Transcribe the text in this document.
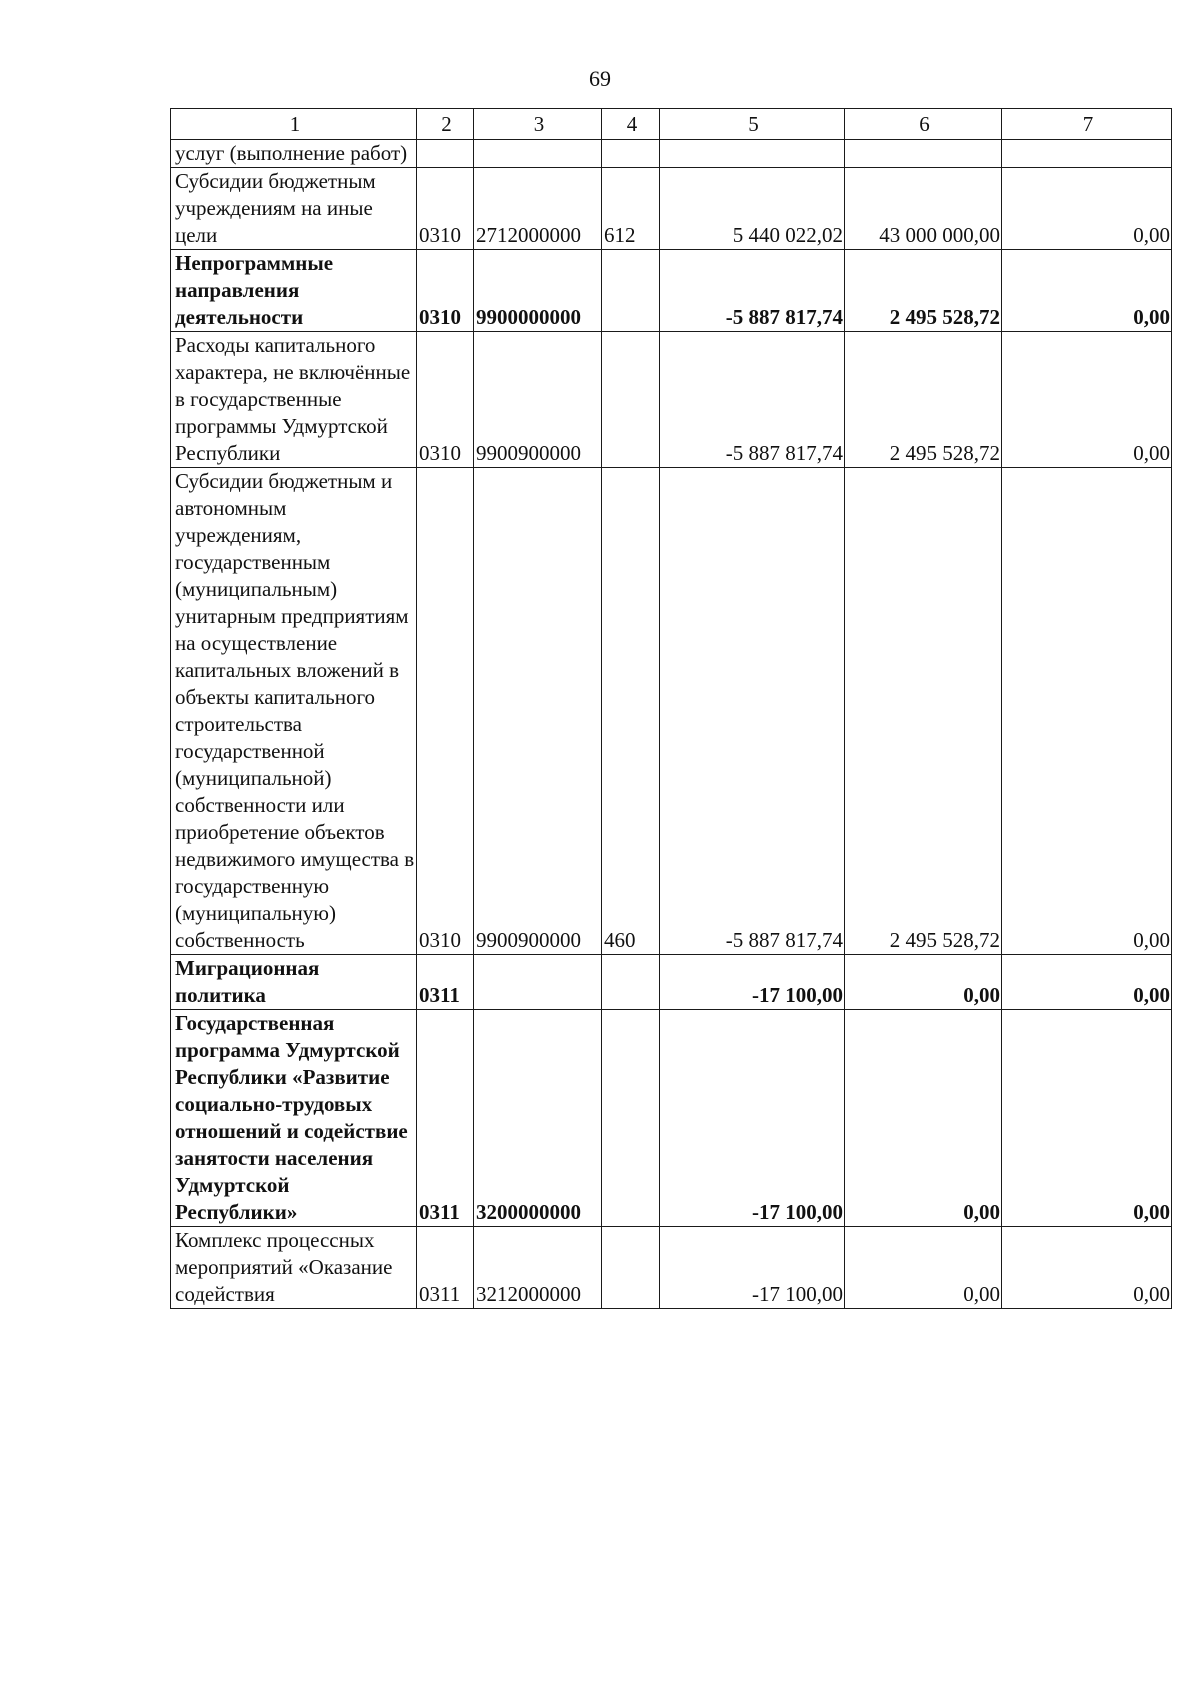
69
1	2	3	4	5	6	7
услуг (выполнение работ)						
Субсидии бюджетным учреждениям на иные цели	0310	2712000000	612	5 440 022,02	43 000 000,00	0,00
Непрограммные направления деятельности	0310	9900000000		-5 887 817,74	2 495 528,72	0,00
Расходы капитального характера, не включённые в государственные программы Удмуртской Республики	0310	9900900000		-5 887 817,74	2 495 528,72	0,00
Субсидии бюджетным и автономным учреждениям, государственным (муниципальным) унитарным предприятиям на осуществление капитальных вложений в объекты капитального строительства государственной (муниципальной) собственности или приобретение объектов недвижимого имущества в государственную (муниципальную) собственность	0310	9900900000	460	-5 887 817,74	2 495 528,72	0,00
Миграционная политика	0311			-17 100,00	0,00	0,00
Государственная программа Удмуртской Республики «Развитие социально-трудовых отношений и содействие занятости населения Удмуртской Республики»	0311	3200000000		-17 100,00	0,00	0,00
Комплекс процессных мероприятий «Оказание содействия	0311	3212000000		-17 100,00	0,00	0,00
